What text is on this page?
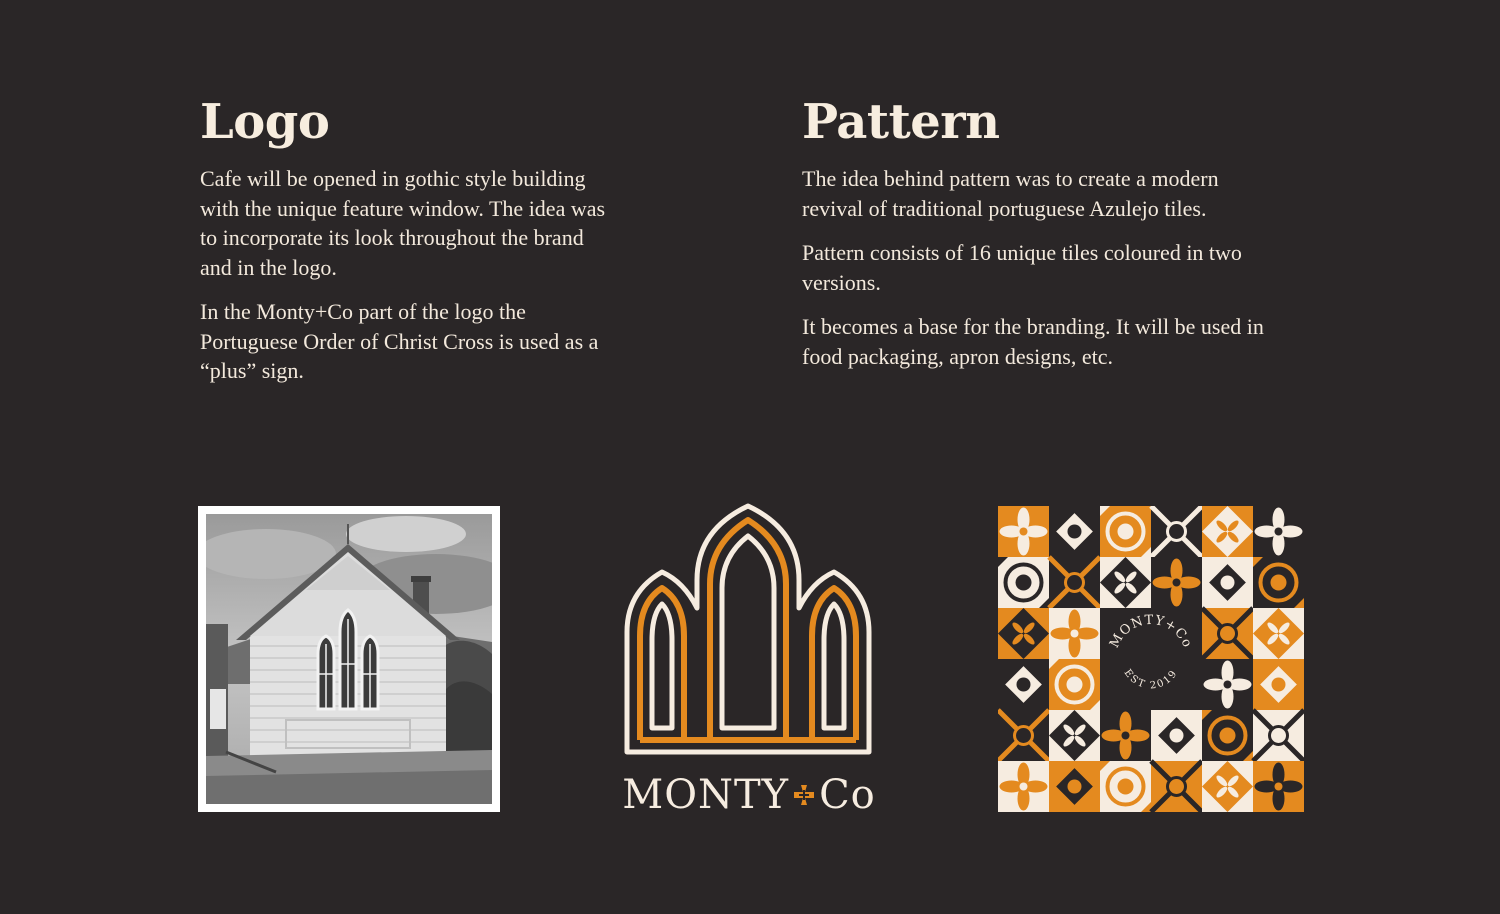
Logo

Cafe will be opened in gothic style building with the unique feature window. The idea was to incorporate its look throughout the brand and in the logo.

In the Monty+Co part of the logo the Portuguese Order of Christ Cross is used as a “plus” sign.

Pattern

The idea behind pattern was to create a modern revival of traditional portuguese Azulejo tiles.

Pattern consists of 16 unique tiles coloured in two versions.

It becomes a base for the branding. It will be used in food packaging, apron designs, etc.

MONTY Co
MONTY+Co
EST 2019
